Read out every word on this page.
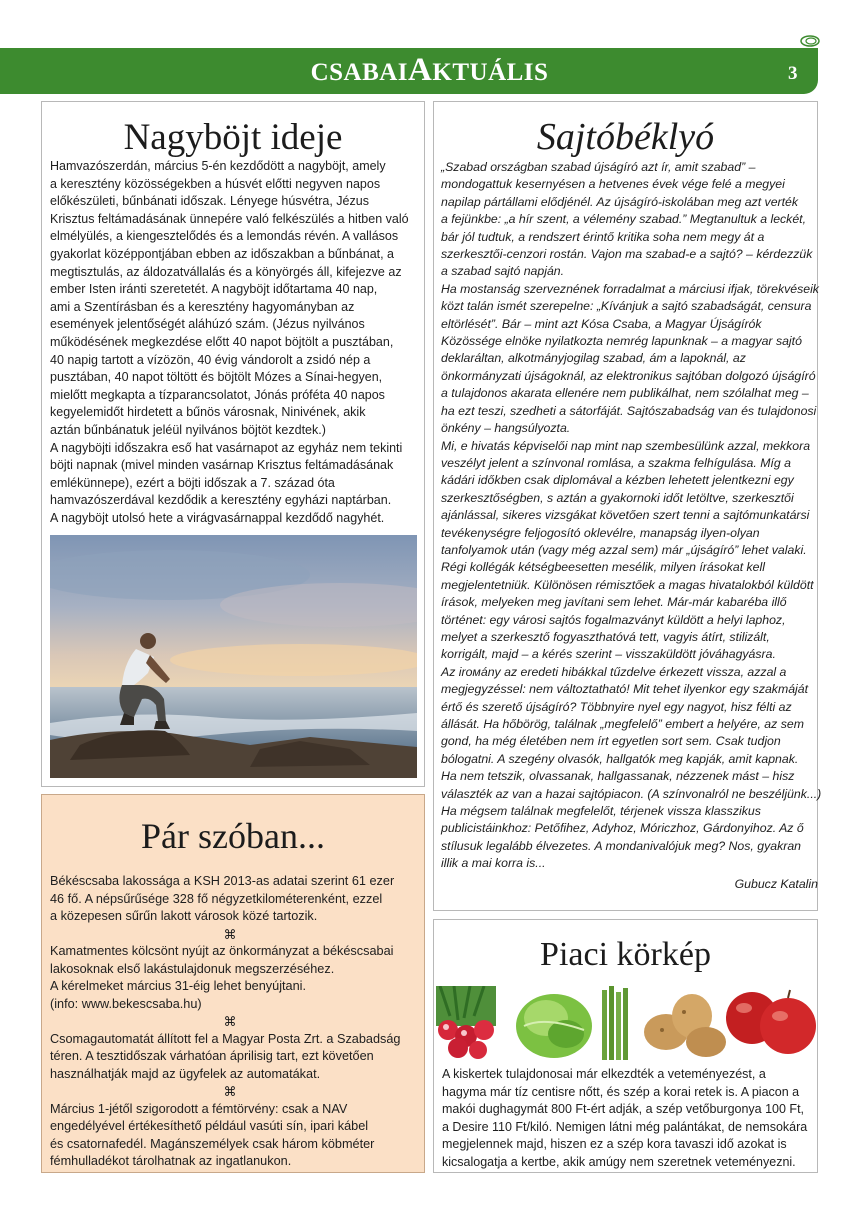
CSABAIAKTUÁLIS	3
Nagyböjt ideje

Hamvazószerdán, március 5-én kezdődött a nagyböjt, amely

a keresztény közösségekben a húsvét előtti negyven napos

előkészületi, bűnbánati időszak. Lényege húsvétra, Jézus

Krisztus feltámadásának ünnepére való felkészülés a hitben való

elmélyülés, a kiengesztelődés és a lemondás révén. A vallásos

gyakorlat középpontjában ebben az időszakban a bűnbánat, a

megtisztulás, az áldozatvállalás és a könyörgés áll, kifejezve az

ember Isten iránti szeretetét. A nagyböjt időtartama 40 nap,

ami a Szentírásban és a keresztény hagyományban az

események jelentőségét aláhúzó szám. (Jézus nyilvános

működésének megkezdése előtt 40 napot böjtölt a pusztában,

40 napig tartott a vízözön, 40 évig vándorolt a zsidó nép a

pusztában, 40 napot töltött és böjtölt Mózes a Sínai-hegyen,

mielőtt megkapta a tízparancsolatot, Jónás próféta 40 napos

kegyelemidőt hirdetett a bűnös városnak, Ninivének, akik

aztán bűnbánatuk jeléül nyilvános böjtöt kezdtek.)

A nagyböjti időszakra eső hat vasárnapot az egyház nem tekinti

böjti napnak (mivel minden vasárnap Krisztus feltámadásának

emlékünnepe), ezért a böjti időszak a 7. század óta

hamvazószerdával kezdődik a keresztény egyházi naptárban.

A nagyböjt utolsó hete a virágvasárnappal kezdődő nagyhét.

Sajtóbéklyó

„Szabad országban szabad újságíró azt ír, amit szabad” –

mondogattuk kesernyésen a hetvenes évek vége felé a megyei

napilap pártállami elődjénél. Az újságíró-iskolában meg azt verték

a fejünkbe: „a hír szent, a vélemény szabad.” Megtanultuk a leckét,

bár jól tudtuk, a rendszert érintő kritika soha nem megy át a

szerkesztői-cenzori rostán. Vajon ma szabad-e a sajtó? – kérdezzük

a szabad sajtó napján.

Ha mostanság szerveznének forradalmat a márciusi ifjak, törekvéseik

közt talán ismét szerepelne: „Kívánjuk a sajtó szabadságát, censura

eltörlését”. Bár – mint azt Kósa Csaba, a Magyar Újságírók

Közössége elnöke nyilatkozta nemrég lapunknak – a magyar sajtó

deklaráltan, alkotmányjogilag szabad, ám a lapoknál, az

önkormányzati újságoknál, az elektronikus sajtóban dolgozó újságíró

a tulajdonos akarata ellenére nem publikálhat, nem szólalhat meg –

ha ezt teszi, szedheti a sátorfáját. Sajtószabadság van és tulajdonosi

önkény – hangsúlyozta.

Mi, e hivatás képviselői nap mint nap szembesülünk azzal, mekkora

veszélyt jelent a színvonal romlása, a szakma felhígulása. Míg a

kádári időkben csak diplomával a kézben lehetett jelentkezni egy

szerkesztőségben, s aztán a gyakornoki időt letöltve, szerkesztői

ajánlással, sikeres vizsgákat követően szert tenni a sajtómunkatársi

tevékenységre feljogosító oklevélre, manapság ilyen-olyan

tanfolyamok után (vagy még azzal sem) már „újságíró” lehet valaki.

Régi kollégák kétségbeesetten mesélik, milyen írásokat kell

megjelentetniük. Különösen rémisztőek a magas hivatalokból küldött

írások, melyeken meg javítani sem lehet. Már-már kabaréba illő

történet: egy városi sajtós fogalmazványt küldött a helyi laphoz,

melyet a szerkesztő fogyaszthatóvá tett, vagyis átírt, stilizált,

korrigált, majd – a kérés szerint – visszaküldött jóváhagyásra.

Az irомány az eredeti hibákkal tűzdelve érkezett vissza, azzal a

megjegyzéssel: nem változtatható! Mit tehet ilyenkor egy szakmáját

értő és szerető újságíró? Többnyire nyel egy nagyot, hisz félti az

állását. Ha hőbörög, találnak „megfelelő” embert a helyére, az sem

gond, ha még életében nem írt egyetlen sort sem. Csak tudjon

bólogatni. A szegény olvasók, hallgatók meg kapják, amit kapnak.

Ha nem tetszik, olvassanak, hallgassanak, nézzenek mást – hisz

választék az van a hazai sajtópiacon. (A színvonalról ne beszéljünk...)

Ha mégsem találnak megfelelőt, térjenek vissza klasszikus

publicistáinkhoz: Petőfihez, Adyhoz, Móriczhoz, Gárdonyihoz. Az ő

stílusuk legalább élvezetes. A mondanivalójuk meg? Nos, gyakran

illik a mai korra is...

Gubucz Katalin
Pár szóban...

Békéscsaba lakossága a KSH 2013-as adatai szerint 61 ezer

46 fő. A népsűrűsége 328 fő négyzetkilométerenként, ezzel

a közepesen sűrűn lakott városok közé tartozik.

⌘

Kamatmentes kölcsönt nyújt az önkormányzat a békéscsabai

lakosoknak első lakástulajdonuk megszerzéséhez.

A kérelmeket március 31-éig lehet benyújtani.

(info: www.bekescsaba.hu)

⌘

Csomagautomatát állított fel a Magyar Posta Zrt. a Szabadság

téren. A tesztidőszak várhatóan áprilisig tart, ezt követően

használhatják majd az ügyfelek az automatákat.

⌘

Március 1-jétől szigorodott a fémtörvény: csak a NAV

engedélyével értékesíthető például vasúti sín, ipari kábel

és csatornafedél. Magánszemélyek csak három köbméter

fémhulladékot tárolhatnak az ingatlanukon.

Piaci körkép

A kiskertek tulajdonosai már elkezdték a veteményezést, a

hagyma már tíz centisre nőtt, és szép a korai retek is. A piacon a

makói dughagymát 800 Ft-ért adják, a szép vetőburgonya 100 Ft,

a Desire 110 Ft/kiló. Nemigen látni még palántákat, de nemsokára

megjelennek majd, hiszen ez a szép kora tavaszi idő azokat is

kicsalogatja a kertbe, akik amúgy nem szeretnek veteményezni.
